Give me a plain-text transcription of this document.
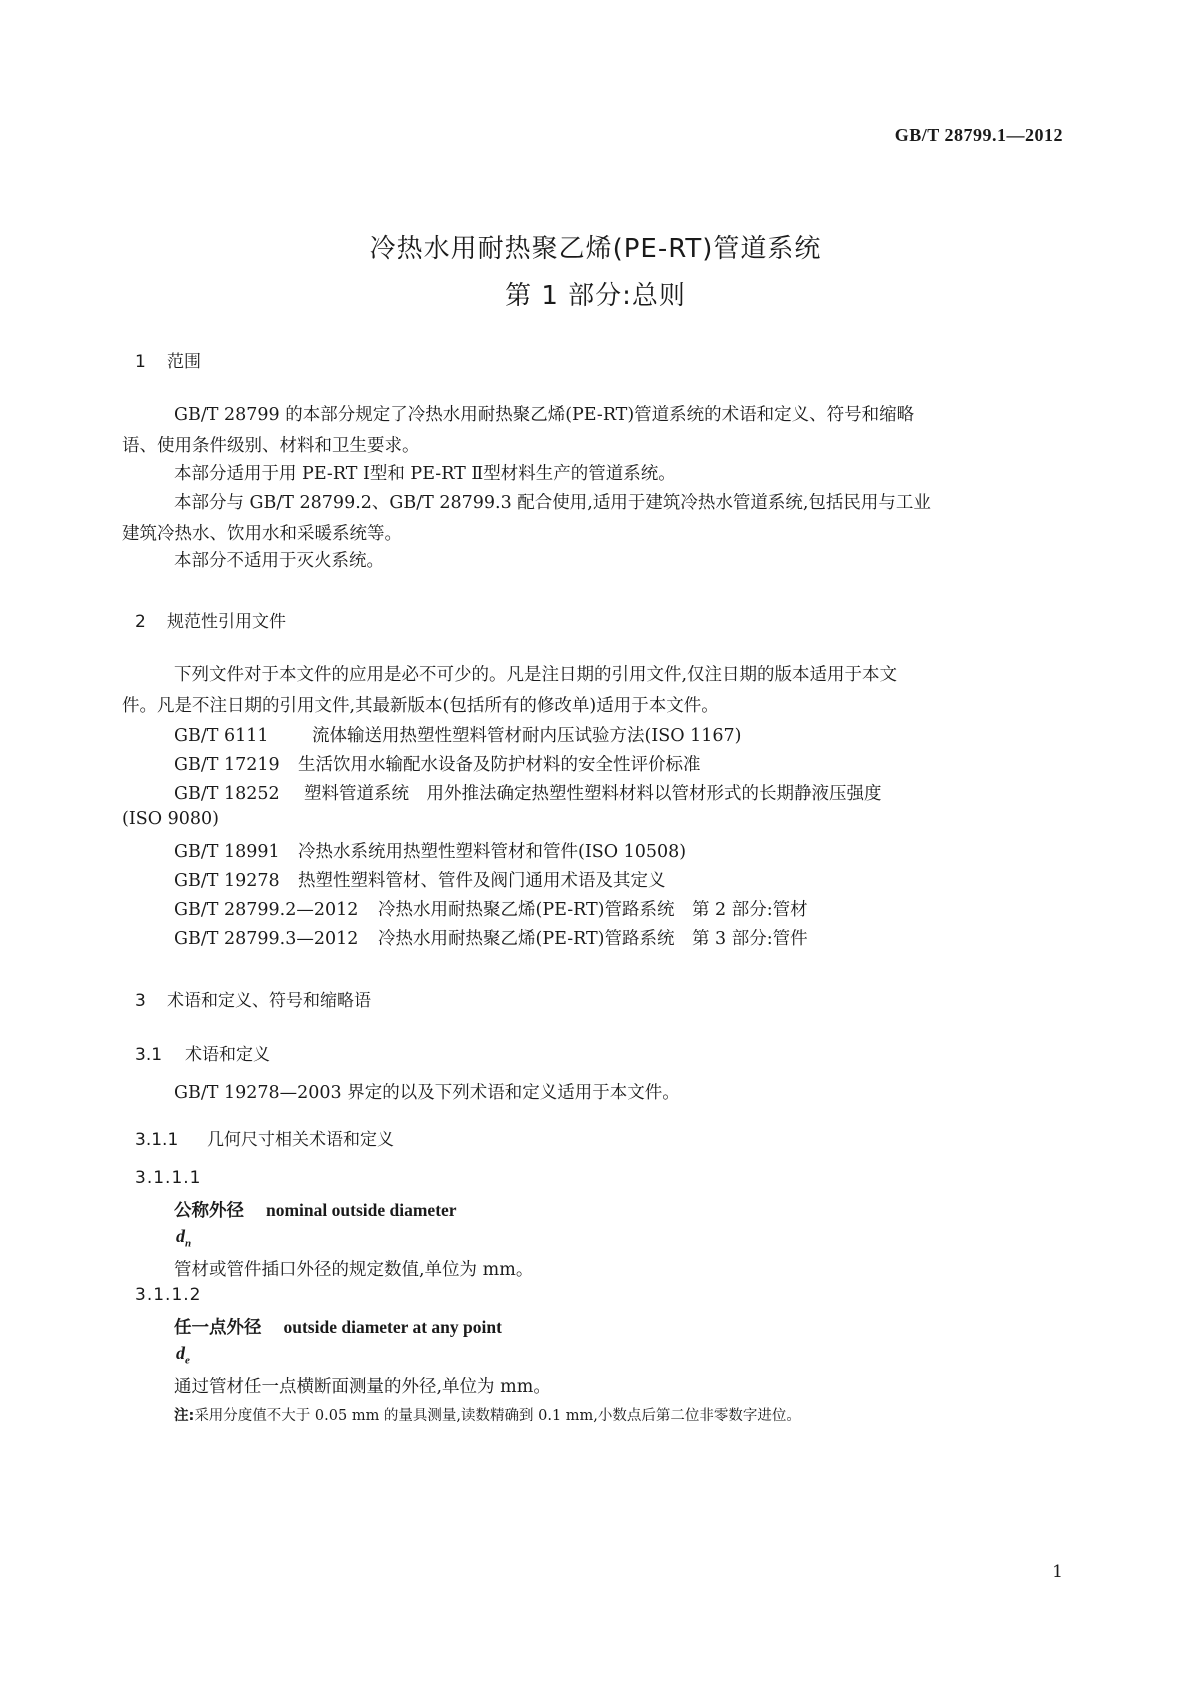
GB/T 28799.1—2012
冷热水用耐热聚乙烯(PE-RT)管道系统
第 1 部分:总则
1 范围
GB/T 28799 的本部分规定了冷热水用耐热聚乙烯(PE-RT)管道系统的术语和定义、符号和缩略
语、使用条件级别、材料和卫生要求。
本部分适用于用 PE-RT Ⅰ型和 PE-RT Ⅱ型材料生产的管道系统。
本部分与 GB/T 28799.2、GB/T 28799.3 配合使用,适用于建筑冷热水管道系统,包括民用与工业
建筑冷热水、饮用水和采暖系统等。
本部分不适用于灭火系统。
2 规范性引用文件
下列文件对于本文件的应用是必不可少的。凡是注日期的引用文件,仅注日期的版本适用于本文
件。凡是不注日期的引用文件,其最新版本(包括所有的修改单)适用于本文件。
GB/T 6111 流体输送用热塑性塑料管材耐内压试验方法(ISO 1167)
GB/T 17219 生活饮用水输配水设备及防护材料的安全性评价标准
GB/T 18252 塑料管道系统　用外推法确定热塑性塑料材料以管材形式的长期静液压强度
(ISO 9080)
GB/T 18991 冷热水系统用热塑性塑料管材和管件(ISO 10508)
GB/T 19278 热塑性塑料管材、管件及阀门通用术语及其定义
GB/T 28799.2—2012 冷热水用耐热聚乙烯(PE-RT)管路系统　第 2 部分:管材
GB/T 28799.3—2012 冷热水用耐热聚乙烯(PE-RT)管路系统　第 3 部分:管件
3 术语和定义、符号和缩略语
3.1 术语和定义
GB/T 19278—2003 界定的以及下列术语和定义适用于本文件。
3.1.1 几何尺寸相关术语和定义
3.1.1.1
公称外径 nominal outside diameter
$d_n$
管材或管件插口外径的规定数值,单位为 mm。
3.1.1.2
任一点外径 outside diameter at any point
$d_e$
通过管材任一点横断面测量的外径,单位为 mm。
注:采用分度值不大于 0.05 mm 的量具测量,读数精确到 0.1 mm,小数点后第二位非零数字进位。
1
